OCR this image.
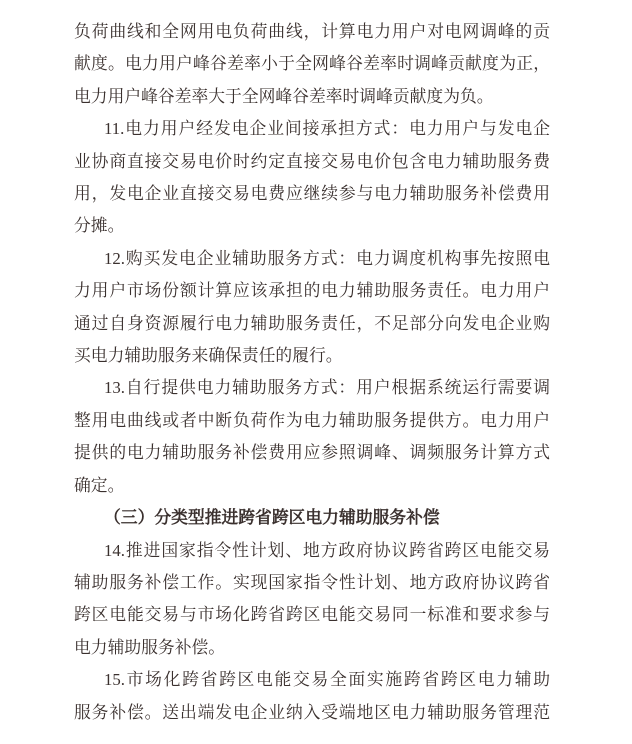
负荷曲线和全网用电负荷曲线，计算电力用户对电网调峰的贡
献度。电力用户峰谷差率小于全网峰谷差率时调峰贡献度为正，
电力用户峰谷差率大于全网峰谷差率时调峰贡献度为负。
11.电力用户经发电企业间接承担方式：电力用户与发电企
业协商直接交易电价时约定直接交易电价包含电力辅助服务费
用，发电企业直接交易电费应继续参与电力辅助服务补偿费用
分摊。
12.购买发电企业辅助服务方式：电力调度机构事先按照电
力用户市场份额计算应该承担的电力辅助服务责任。电力用户
通过自身资源履行电力辅助服务责任，不足部分向发电企业购
买电力辅助服务来确保责任的履行。
13.自行提供电力辅助服务方式：用户根据系统运行需要调
整用电曲线或者中断负荷作为电力辅助服务提供方。电力用户
提供的电力辅助服务补偿费用应参照调峰、调频服务计算方式
确定。
（三）分类型推进跨省跨区电力辅助服务补偿
14.推进国家指令性计划、地方政府协议跨省跨区电能交易
辅助服务补偿工作。实现国家指令性计划、地方政府协议跨省
跨区电能交易与市场化跨省跨区电能交易同一标准和要求参与
电力辅助服务补偿。
15.市场化跨省跨区电能交易全面实施跨省跨区电力辅助
服务补偿。送出端发电企业纳入受端地区电力辅助服务管理范
